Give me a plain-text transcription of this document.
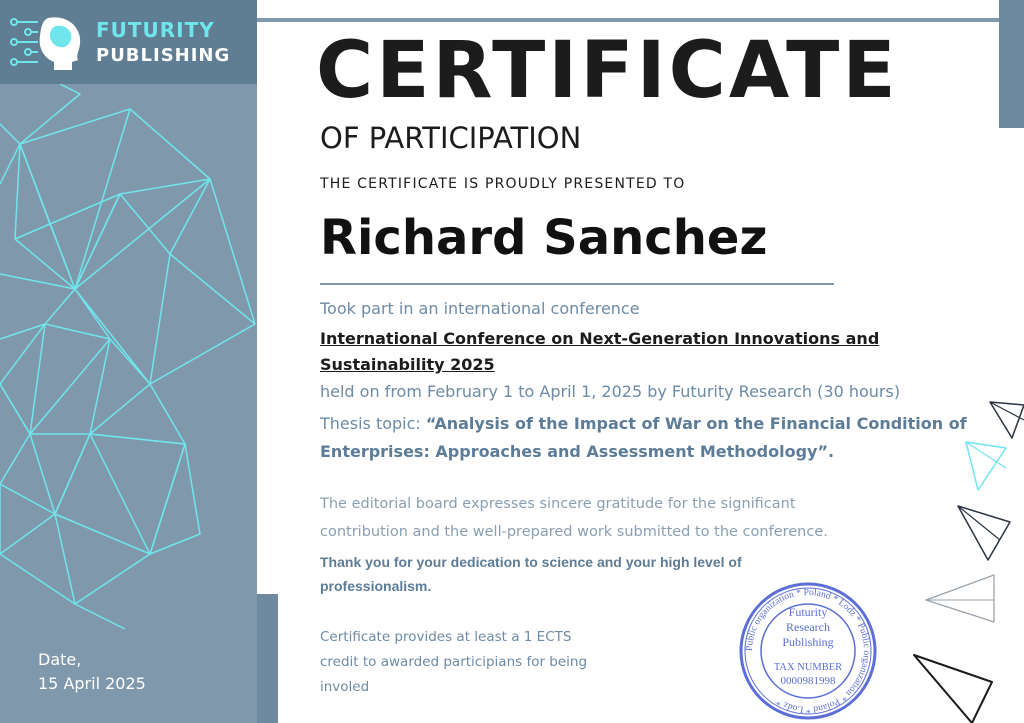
FUTURITY
PUBLISHING
Date,
15 April 2025
CERTIFICATE
OF PARTICIPATION
THE CERTIFICATE IS PROUDLY PRESENTED TO
Richard Sanchez
Took part in an international conference
International Conference on Next-Generation Innovations and Sustainability 2025
held on from February 1 to April 1, 2025 by Futurity Research (30 hours)
Thesis topic: “Analysis of the Impact of War on the Financial Condition of Enterprises: Approaches and Assessment Methodology”.
The editorial board expresses sincere gratitude for the significant contribution and the well-prepared work submitted to the conference.
Thank you for your dedication to science and your high level of professionalism.
Certificate provides at least a 1 ECTS credit to awarded participians for being involed
Public organization * Poland * Lodz * Public organization * Poland * Lodz *
Futurity
Research
Publishing
TAX NUMBER
0000981998
